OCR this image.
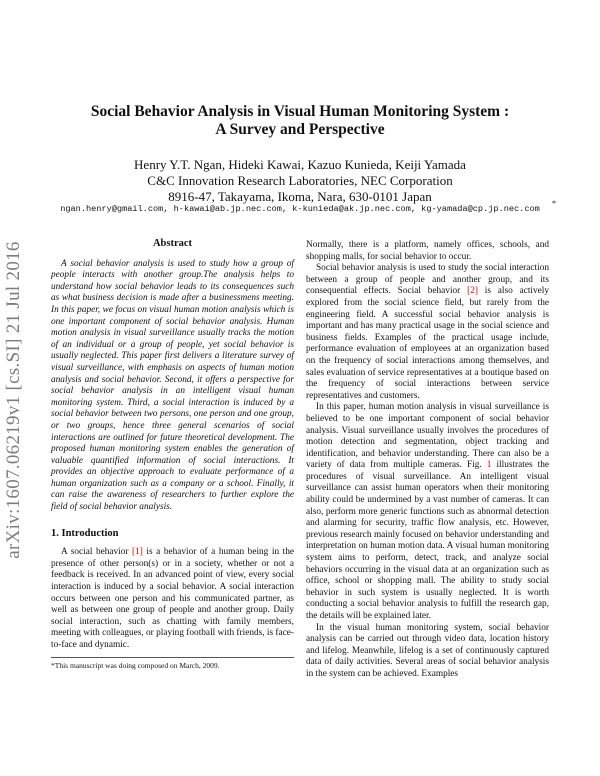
arXiv:1607.06219v1 [cs.SI] 21 Jul 2016
Social Behavior Analysis in Visual Human Monitoring System :
A Survey and Perspective
Henry Y.T. Ngan, Hideki Kawai, Kazuo Kunieda, Keiji Yamada
C&C Innovation Research Laboratories, NEC Corporation
8916-47, Takayama, Ikoma, Nara, 630-0101 Japan
ngan.henry@gmail.com, h-kawai@ab.jp.nec.com, k-kunieda@ak.jp.nec.com, kg-yamada@cp.jp.nec.com
*
Abstract

A social behavior analysis is used to study how a group of people interacts with another group.The analysis helps to understand how social behavior leads to its consequences such as what business decision is made after a businessmens meeting. In this paper, we focus on visual human motion analysis which is one important component of social behavior analysis. Human motion analysis in visual surveillance usually tracks the motion of an individual or a group of people, yet social behavior is usually neglected. This paper first delivers a literature survey of visual surveillance, with emphasis on aspects of human motion analysis and social behavior. Second, it offers a perspective for social behavior analysis in an intelligent visual human monitoring system. Third, a social interaction is induced by a social behavior between two persons, one person and one group, or two groups, hence three general scenarios of social interactions are outlined for future theoretical development. The proposed human monitoring system enables the generation of valuable quantified information of social interactions. It provides an objective approach to evaluate performance of a human organization such as a company or a school. Finally, it can raise the awareness of researchers to further explore the field of social behavior analysis.

1. Introduction

A social behavior [1] is a behavior of a human being in the presence of other person(s) or in a society, whether or not a feedback is received. In an advanced point of view, every social interaction is induced by a social behavior. A social interaction occurs between one person and his communicated partner, as well as between one group of people and another group. Daily social interaction, such as chatting with family members, meeting with colleagues, or playing football with friends, is face-to-face and dynamic.

*This manuscript was doing composed on March, 2009.

Normally, there is a platform, namely offices, schools, and shopping malls, for social behavior to occur.

Social behavior analysis is used to study the social interaction between a group of people and another group, and its consequential effects. Social behavior [2] is also actively explored from the social science field, but rarely from the engineering field. A successful social behavior analysis is important and has many practical usage in the social science and business fields. Examples of the practical usage include, performance evaluation of employees at an organization based on the frequency of social interactions among themselves, and sales evaluation of service representatives at a boutique based on the frequency of social interactions between service representatives and customers.

In this paper, human motion analysis in visual surveillance is believed to be one important component of social behavior analysis. Visual surveillance usually involves the procedures of motion detection and segmentation, object tracking and identification, and behavior understanding. There can also be a variety of data from multiple cameras. Fig. 1 illustrates the procedures of visual surveillance. An intelligent visual surveillance can assist human operators when their monitoring ability could be undermined by a vast number of cameras. It can also, perform more generic functions such as abnormal detection and alarming for security, traffic flow analysis, etc. However, previous research mainly focused on behavior understanding and interpretation on human motion data. A visual human monitoring system aims to perform, detect, track, and analyze social behaviors occurring in the visual data at an organization such as office, school or shopping mall. The ability to study social behavior in such system is usually neglected. It is worth conducting a social behavior analysis to fulfill the research gap, the details will be explained later.

In the visual human monitoring system, social behavior analysis can be carried out through video data, location history and lifelog. Meanwhile, lifelog is a set of continuously captured data of daily activities. Several areas of social behavior analysis in the system can be achieved. Examples
